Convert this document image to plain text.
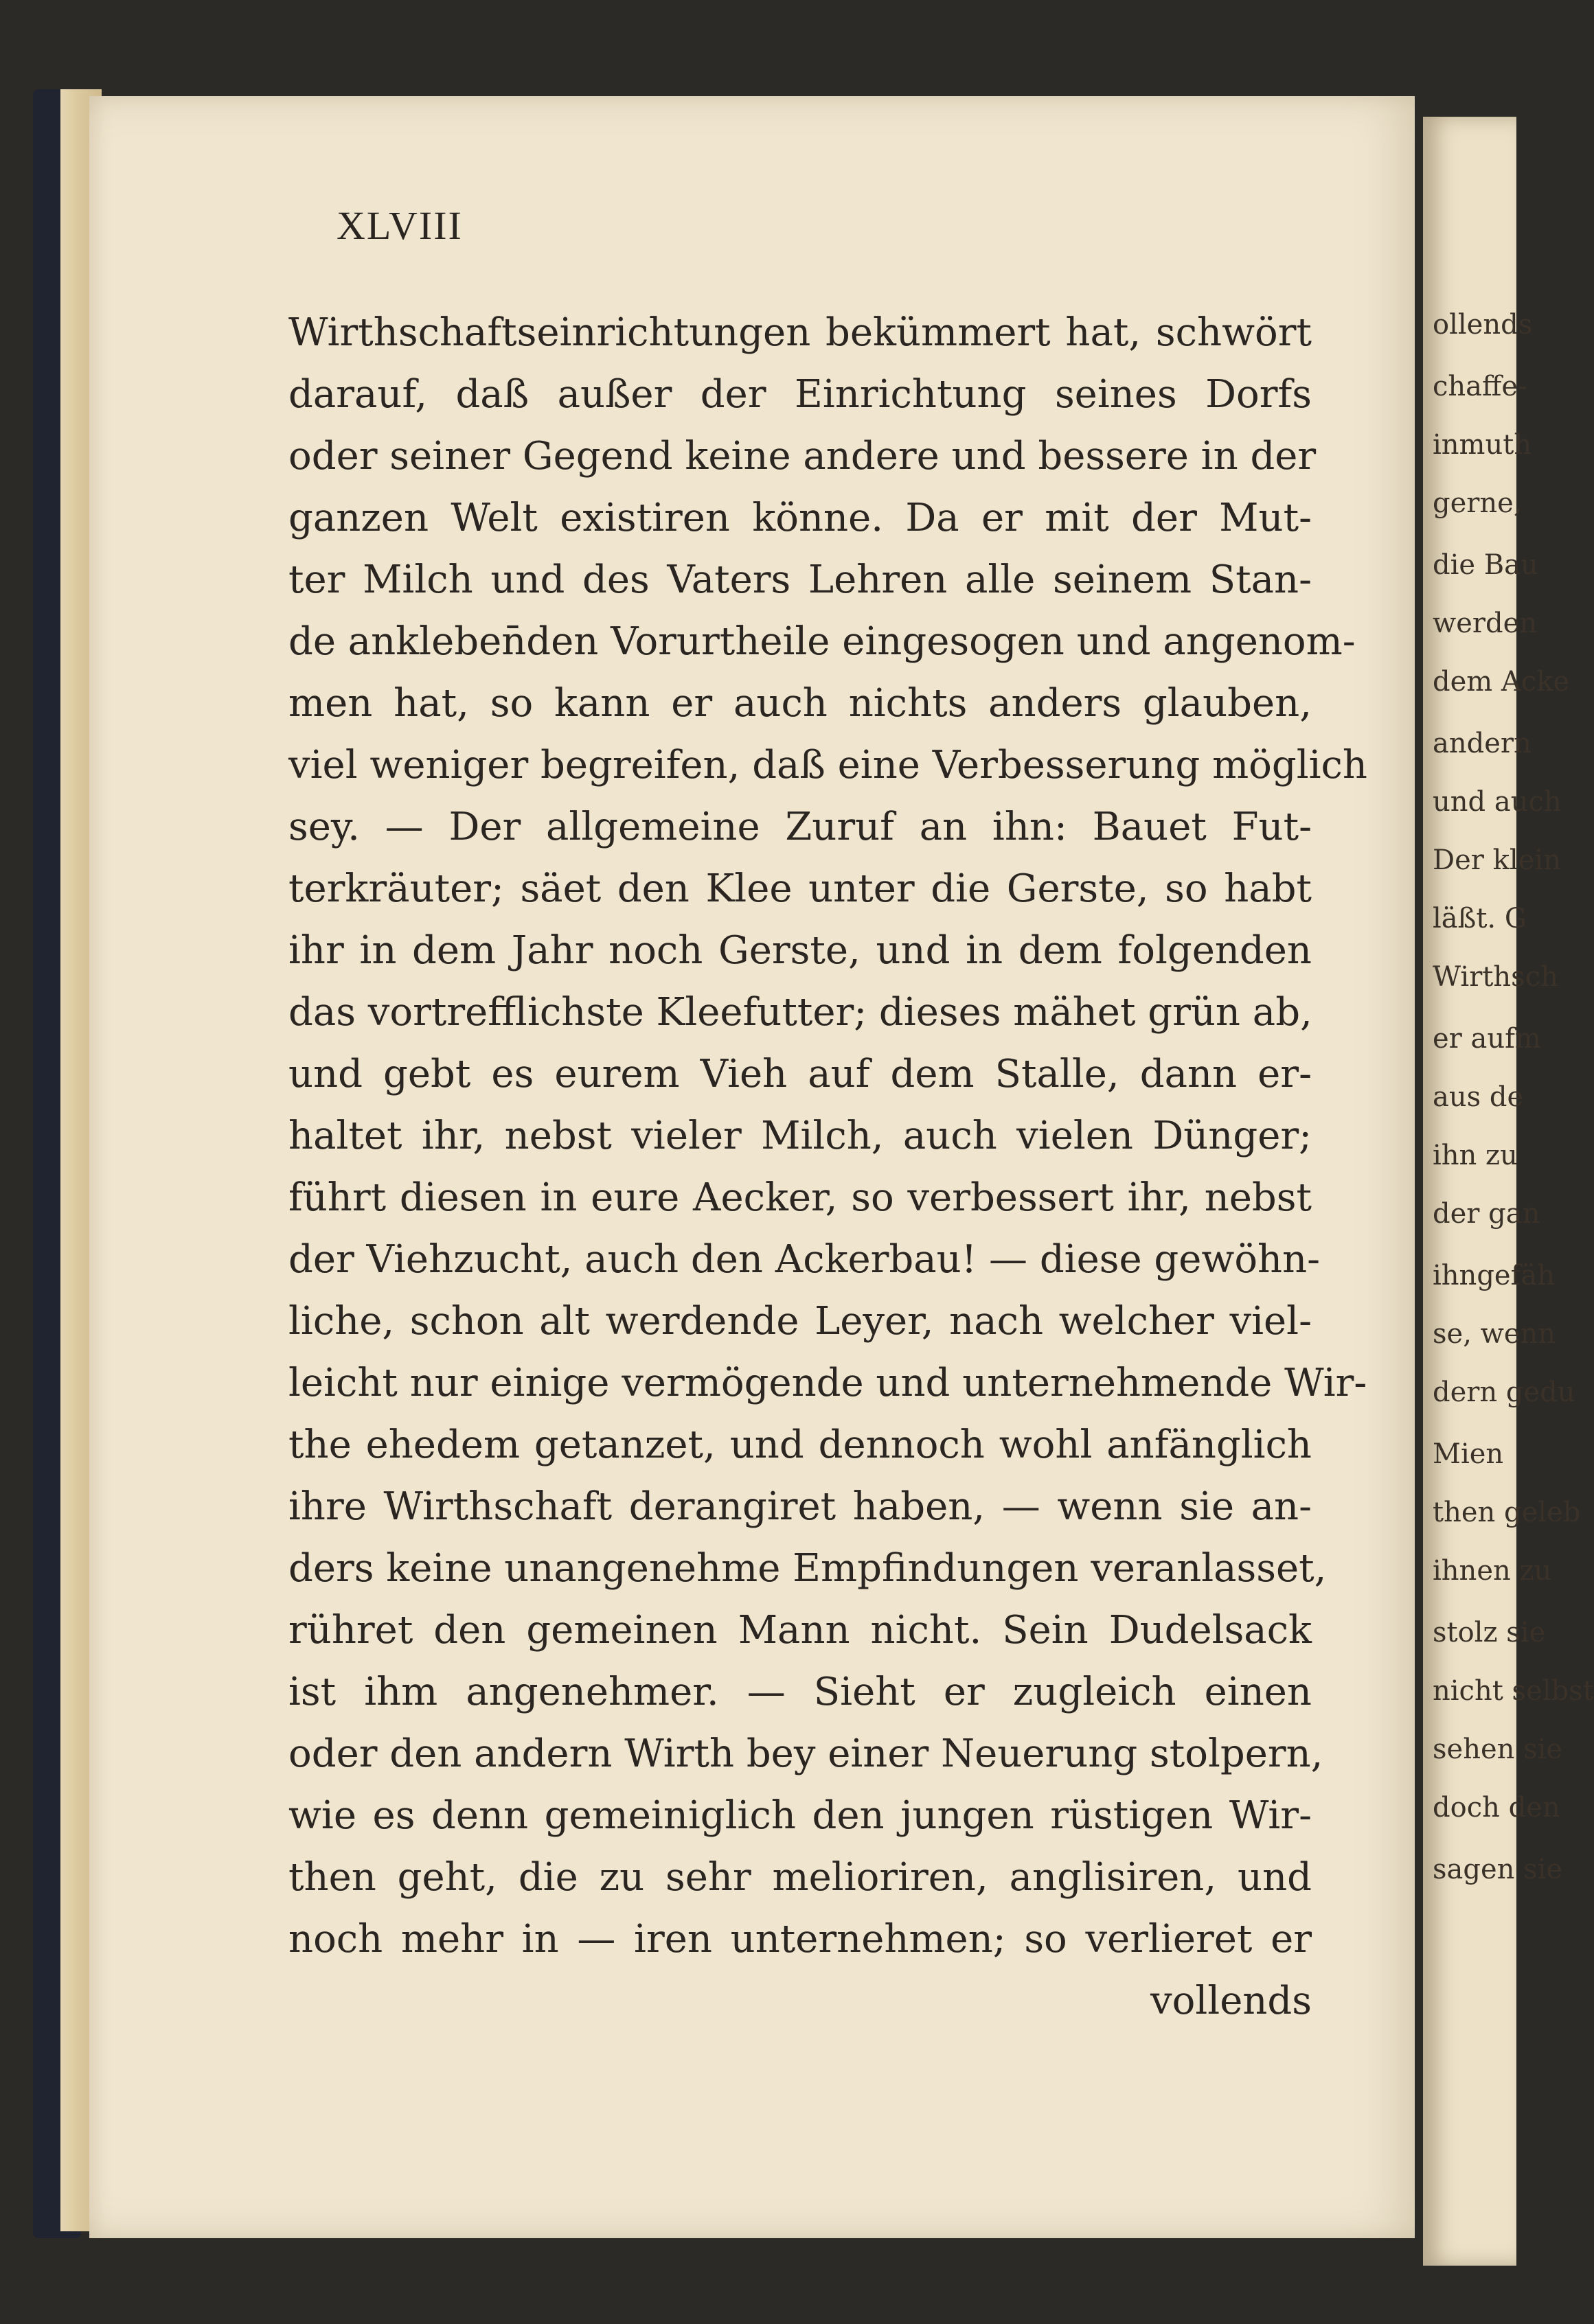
XLVIII
Wirthschaftseinrichtungen bekümmert hat, schwört
darauf, daß außer der Einrichtung seines Dorfs
oder seiner Gegend keine andere und bessere in der
ganzen Welt existiren könne. Da er mit der Mut-
ter Milch und des Vaters Lehren alle seinem Stan-
de ankleben̄den Vorurtheile eingesogen und angenom-
men hat, so kann er auch nichts anders glauben,
viel weniger begreifen, daß eine Verbesserung möglich
sey. — Der allgemeine Zuruf an ihn: Bauet Fut-
terkräuter; säet den Klee unter die Gerste, so habt
ihr in dem Jahr noch Gerste, und in dem folgenden
das vortrefflichste Kleefutter; dieses mähet grün ab,
und gebt es eurem Vieh auf dem Stalle, dann er-
haltet ihr, nebst vieler Milch, auch vielen Dünger;
führt diesen in eure Aecker, so verbessert ihr, nebst
der Viehzucht, auch den Ackerbau! — diese gewöhn-
liche, schon alt werdende Leyer, nach welcher viel-
leicht nur einige vermögende und unternehmende Wir-
the ehedem getanzet, und dennoch wohl anfänglich
ihre Wirthschaft derangiret haben, — wenn sie an-
ders keine unangenehme Empfindungen veranlasset,
rühret den gemeinen Mann nicht. Sein Dudelsack
ist ihm angenehmer. — Sieht er zugleich einen
oder den andern Wirth bey einer Neuerung stolpern,
wie es denn gemeiniglich den jungen rüstigen Wir-
then geht, die zu sehr melioriren, anglisiren, und
noch mehr in — iren unternehmen; so verlieret er
vollends
ollends
chaffe-
inmuth
gerne,
die Bau
werden
dem Acke
andern
und auch
Der klein
läßt. G
Wirthsch
er aufm
aus de
ihn zu
der gan
ihngefäh
se, wenn
dern gedu
Mien
then geleb
ihnen zu
stolz sie
nicht selbst
sehen sie
doch den
sagen sie
